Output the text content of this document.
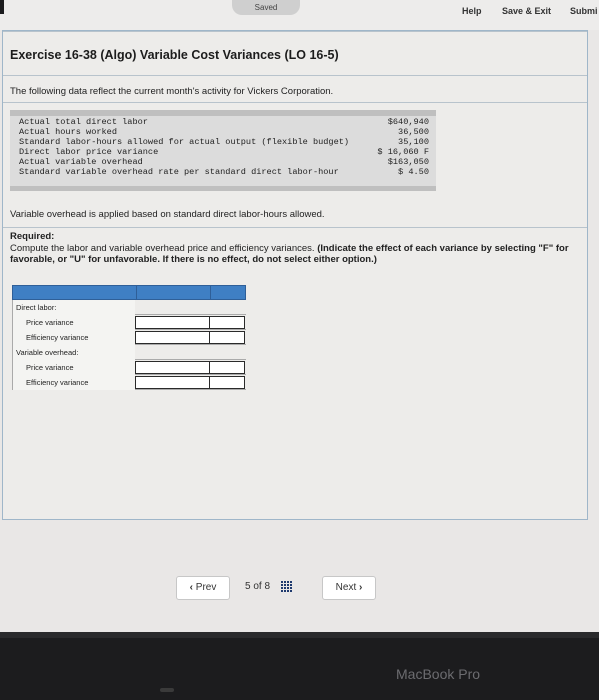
Saved	Help Save & Exit Submi
Exercise 16-38 (Algo) Variable Cost Variances (LO 16-5)
The following data reflect the current month's activity for Vickers Corporation.
Actual total direct labor	$640,940
Actual hours worked	36,500
Standard labor-hours allowed for actual output (flexible budget)	35,100
Direct labor price variance	$ 16,060 F
Actual variable overhead	$163,050
Standard variable overhead rate per standard direct labor-hour	$ 4.50
Variable overhead is applied based on standard direct labor-hours allowed.
Required:
Compute the labor and variable overhead price and efficiency variances. (Indicate the effect of each variance by selecting "F" for favorable, or "U" for unfavorable. If there is no effect, do not select either option.)
Direct labor:
Price variance
Efficiency variance
Variable overhead:
Price variance
Efficiency variance
‹ Prev	5 of 8	Next ›
MacBook Pro
